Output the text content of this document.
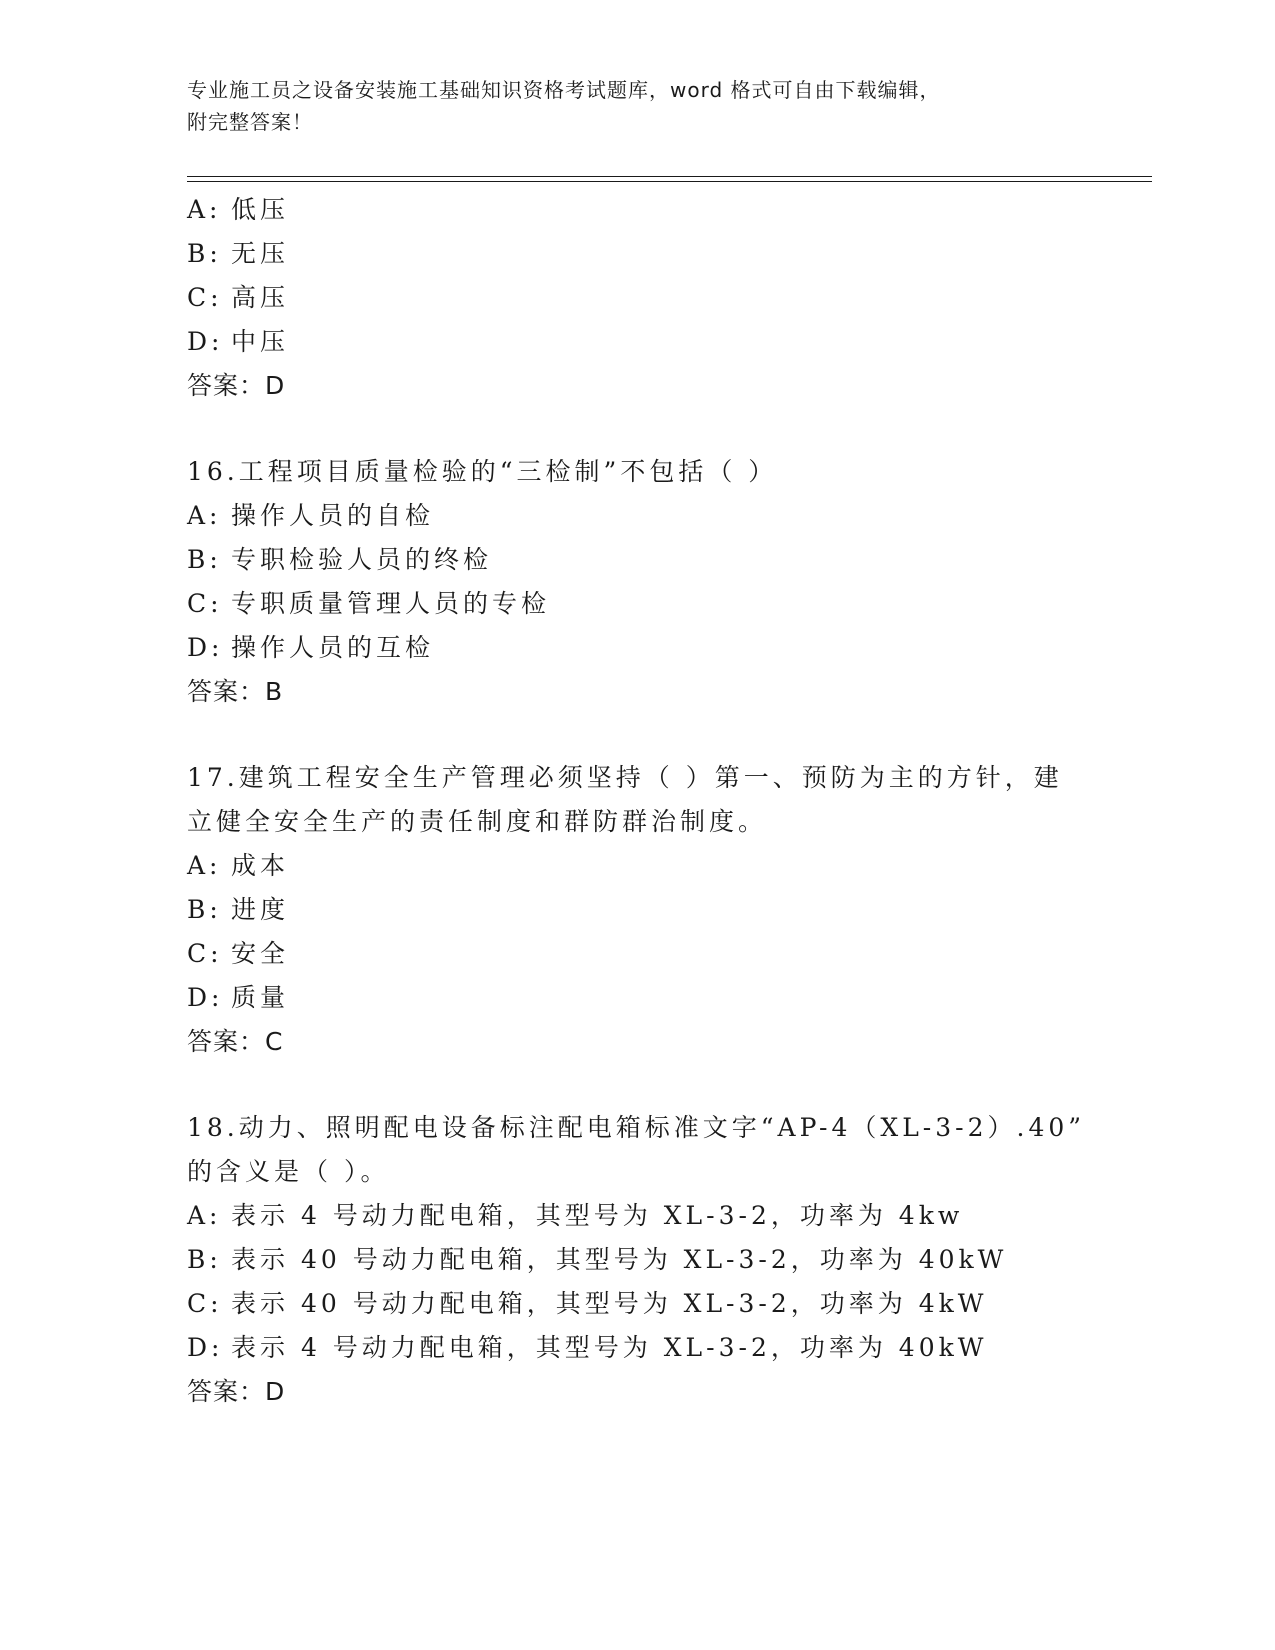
专业施工员之设备安装施工基础知识资格考试题库，word 格式可自由下载编辑，
附完整答案！
A: 低压
B: 无压
C: 高压
D: 中压
答案：D
16.工程项目质量检验的“三检制”不包括（ ）
A: 操作人员的自检
B: 专职检验人员的终检
C: 专职质量管理人员的专检
D: 操作人员的互检
答案：B
17.建筑工程安全生产管理必须坚持（ ）第一、预防为主的方针，建
立健全安全生产的责任制度和群防群治制度。
A: 成本
B: 进度
C: 安全
D: 质量
答案：C
18.动力、照明配电设备标注配电箱标准文字“AP-4（XL-3-2）.40”
的含义是（ ）。
A: 表示 4 号动力配电箱，其型号为 XL-3-2，功率为 4kw
B: 表示 40 号动力配电箱，其型号为 XL-3-2，功率为 40kW
C: 表示 40 号动力配电箱，其型号为 XL-3-2，功率为 4kW
D: 表示 4 号动力配电箱，其型号为 XL-3-2，功率为 40kW
答案：D
